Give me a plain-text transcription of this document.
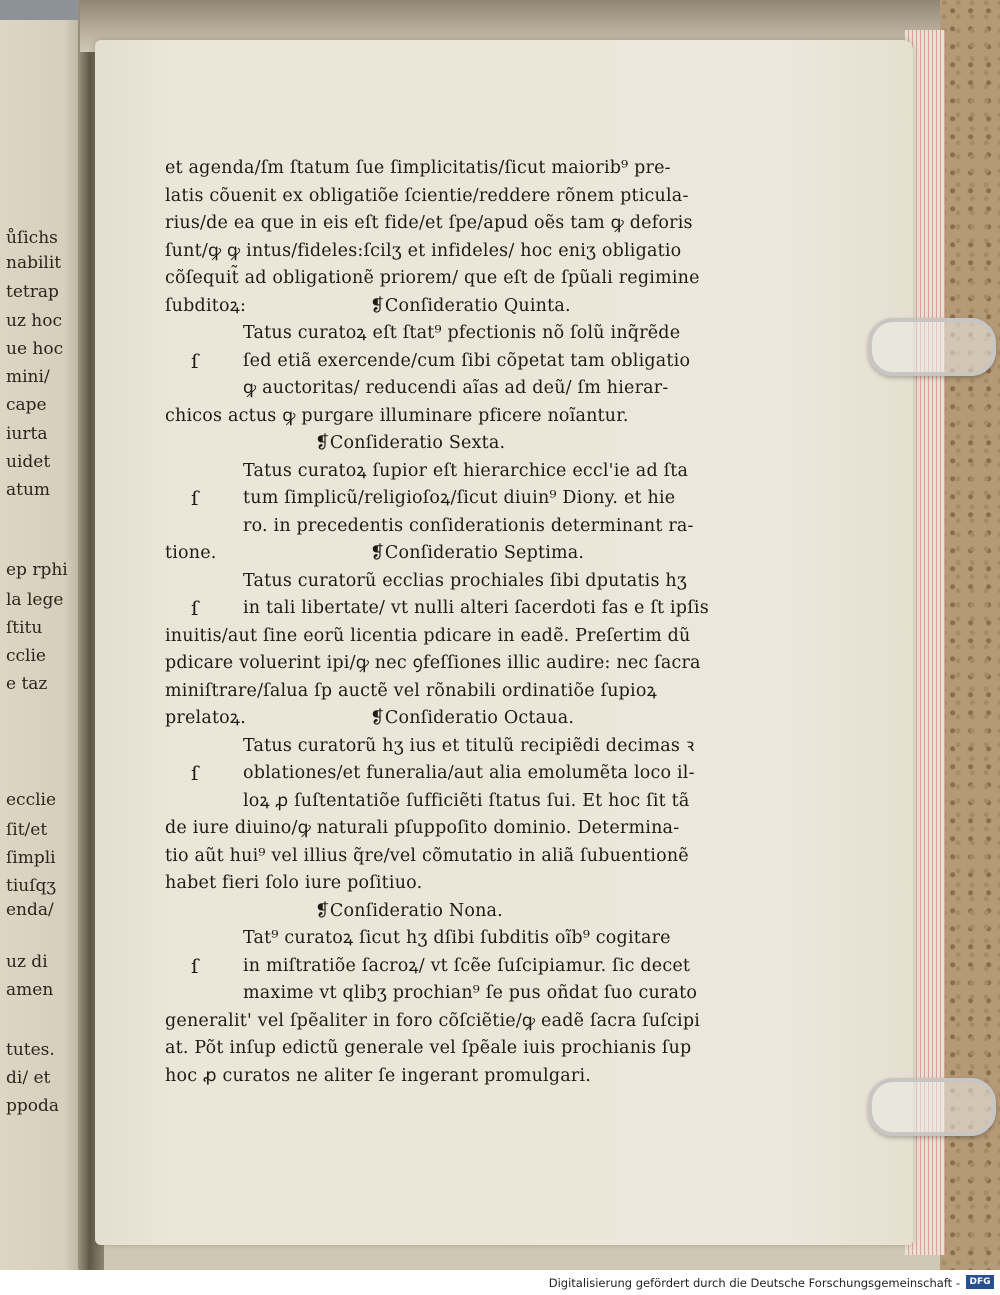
ůſichs
nabilit
tetrap
uz hoc
ue hoc
mini/
cape
iurta
uidet
atum
ep rphi
la lege
ſtitu
cclie
e taz
ecclie
ſit/et
ſimpli
tiuſqʒ
uz di
amen
tutes.
di/ et
ppoda
enda/
et agenda/ſm ſtatum ſue ſimplicitatis/ſicut maiorib⁹ pre-
latis cõuenit ex obligatiõe ſcientie/reddere rõnem pticula-
rius/de ea que in eis eſt fide/et ſpe/apud oẽs tam ꝙ deforis
ſunt/ꝙ ꝙ intus/fideles:ſcilʒ et infideles/ hoc eniʒ obligatio
cõſequit̃ ad obligationẽ priorem/ que eſt de ſpũali regimine
ſubditoꝝ:	❡Conſideratio Quinta.
Tatus curatoꝝ eſt ſtat⁹ pfectionis nõ ſolũ inq̃rẽde
ſ	ſed etiã exercende/cum ſibi cõpetat tam obligatio
ꝙ auctoritas/ reducendi aĩas ad deũ/ ſm hierar-
chicos actus ꝙ purgare illuminare pficere noĩantur.
❡Conſideratio Sexta.
Tatus curatoꝝ ſupior eſt hierarchice eccl'ie ad ſta
ſ	tum ſimplicũ/religioſoꝝ/ſicut diuin⁹ Diony. et hie
ro. in precedentis conſiderationis determinant ra-
tione.	❡Conſideratio Septima.
Tatus curatorũ ecclias prochiales ſibi dputatis hʒ
ſ	in tali libertate/ vt nulli alteri ſacerdoti fas e ſt ipſis
inuitis/aut ſine eorũ licentia pdicare in eadẽ. Preſertim dũ
pdicare voluerint ipi/ꝙ nec ꝯfeſſiones illic audire: nec ſacra
miniſtrare/ſalua ſp auctẽ vel rõnabili ordinatiõe ſupioꝝ
prelatoꝝ.	❡Conſideratio Octaua.
Tatus curatorũ hʒ ius et titulũ recipiẽdi decimas ꝛ
ſ	oblationes/et funeralia/aut alia emolumẽta loco il-
loꝝ ꝓ ſuſtentatiõe ſufficiẽti ſtatus ſui. Et hoc ſit tã
de iure diuino/ꝙ naturali pſuppoſito dominio. Determina-
tio aũt hui⁹ vel illius q̃re/vel cõmutatio in aliã ſubuentionẽ
habet fieri ſolo iure poſitiuo.
❡Conſideratio Nona.
Tat⁹ curatoꝝ ſicut hʒ dſibi ſubditis oĩb⁹ cogitare
ſ	in miſtratiõe ſacroꝝ/ vt ſcẽe ſuſcipiamur. ſic decet
maxime vt qlibʒ prochian⁹ ſe pus oñdat ſuo curato
generalit' vel ſpẽaliter in foro cõſciẽtie/ꝙ eadẽ ſacra ſuſcipi
at. Põt inſup edictũ generale vel ſpẽale iuis prochianis ſup
hoc ꝓ curatos ne aliter ſe ingerant promulgari.
Digitalisierung gefördert durch die Deutsche Forschungsgemeinschaft -	DFG
